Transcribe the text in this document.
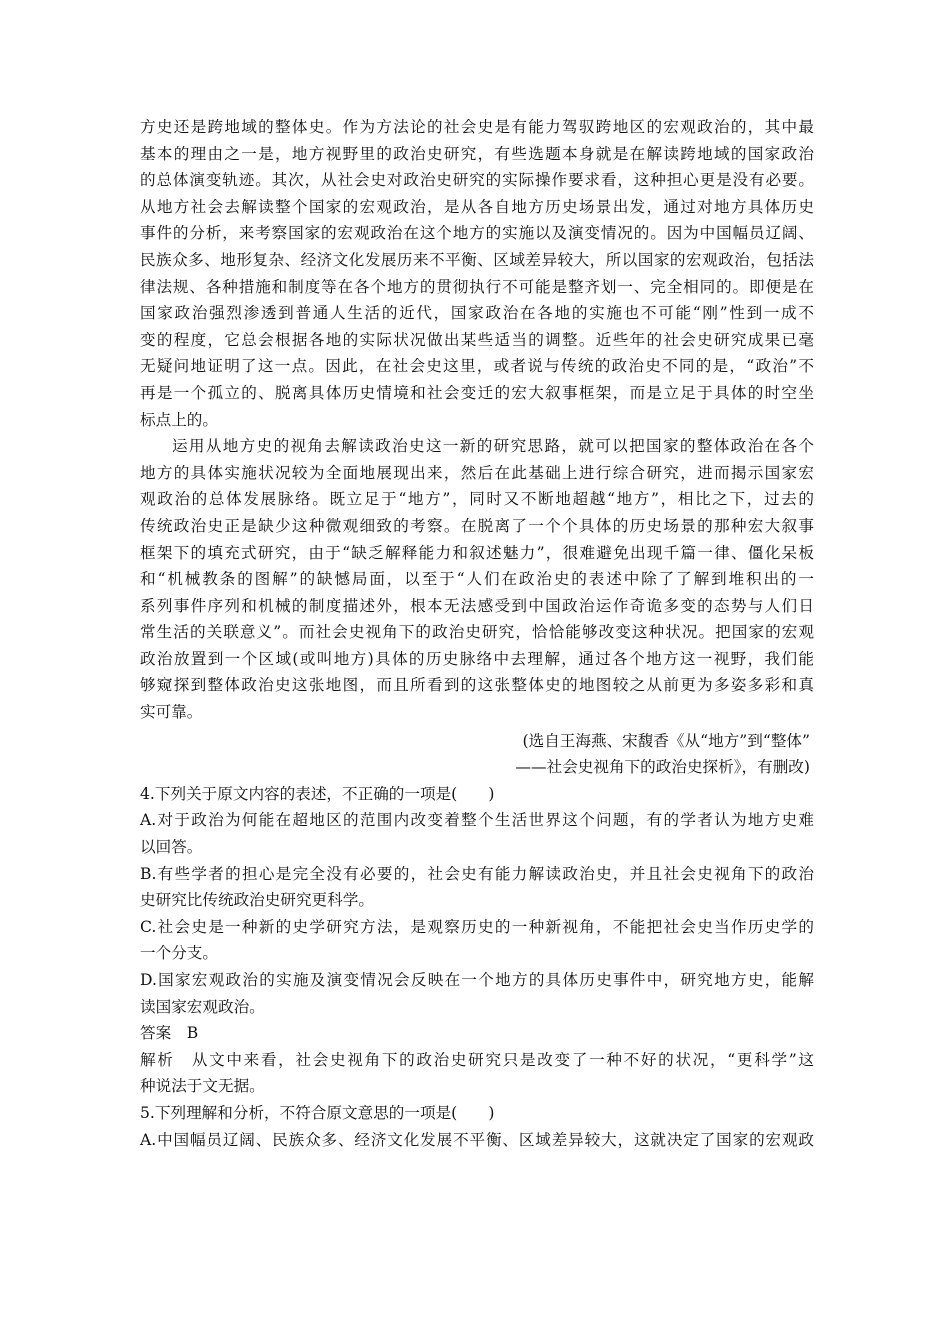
方史还是跨地域的整体史。作为方法论的社会史是有能力驾驭跨地区的宏观政治的，其中最
基本的理由之一是，地方视野里的政治史研究，有些选题本身就是在解读跨地域的国家政治
的总体演变轨迹。其次，从社会史对政治史研究的实际操作要求看，这种担心更是没有必要。
从地方社会去解读整个国家的宏观政治，是从各自地方历史场景出发，通过对地方具体历史
事件的分析，来考察国家的宏观政治在这个地方的实施以及演变情况的。因为中国幅员辽阔、
民族众多、地形复杂、经济文化发展历来不平衡、区域差异较大，所以国家的宏观政治，包括法
律法规、各种措施和制度等在各个地方的贯彻执行不可能是整齐划一、完全相同的。即便是在
国家政治强烈渗透到普通人生活的近代，国家政治在各地的实施也不可能“刚”性到一成不
变的程度，它总会根据各地的实际状况做出某些适当的调整。近些年的社会史研究成果已毫
无疑问地证明了这一点。因此，在社会史这里，或者说与传统的政治史不同的是，“政治”不
再是一个孤立的、脱离具体历史情境和社会变迁的宏大叙事框架，而是立足于具体的时空坐
标点上的。
运用从地方史的视角去解读政治史这一新的研究思路，就可以把国家的整体政治在各个
地方的具体实施状况较为全面地展现出来，然后在此基础上进行综合研究，进而揭示国家宏
观政治的总体发展脉络。既立足于“地方”，同时又不断地超越“地方”，相比之下，过去的
传统政治史正是缺少这种微观细致的考察。在脱离了一个个具体的历史场景的那种宏大叙事
框架下的填充式研究，由于“缺乏解释能力和叙述魅力”，很难避免出现千篇一律、僵化呆板
和“机械教条的图解”的缺憾局面，以至于“人们在政治史的表述中除了了解到堆积出的一
系列事件序列和机械的制度描述外，根本无法感受到中国政治运作奇诡多变的态势与人们日
常生活的关联意义”。而社会史视角下的政治史研究，恰恰能够改变这种状况。把国家的宏观
政治放置到一个区域(或叫地方)具体的历史脉络中去理解，通过各个地方这一视野，我们能
够窥探到整体政治史这张地图，而且所看到的这张整体史的地图较之从前更为多姿多彩和真
实可靠。
(选自王海燕、宋馥香《从“地方”到“整体”
——社会史视角下的政治史探析》，有删改)
4.下列关于原文内容的表述，不正确的一项是(　　)
A.对于政治为何能在超地区的范围内改变着整个生活世界这个问题，有的学者认为地方史难
以回答。
B.有些学者的担心是完全没有必要的，社会史有能力解读政治史，并且社会史视角下的政治
史研究比传统政治史研究更科学。
C.社会史是一种新的史学研究方法，是观察历史的一种新视角，不能把社会史当作历史学的
一个分支。
D.国家宏观政治的实施及演变情况会反映在一个地方的具体历史事件中，研究地方史，能解
读国家宏观政治。
答案　B
解析　从文中来看，社会史视角下的政治史研究只是改变了一种不好的状况，“更科学”这
种说法于文无据。
5.下列理解和分析，不符合原文意思的一项是(　　)
A.中国幅员辽阔、民族众多、经济文化发展不平衡、区域差异较大，这就决定了国家的宏观政
